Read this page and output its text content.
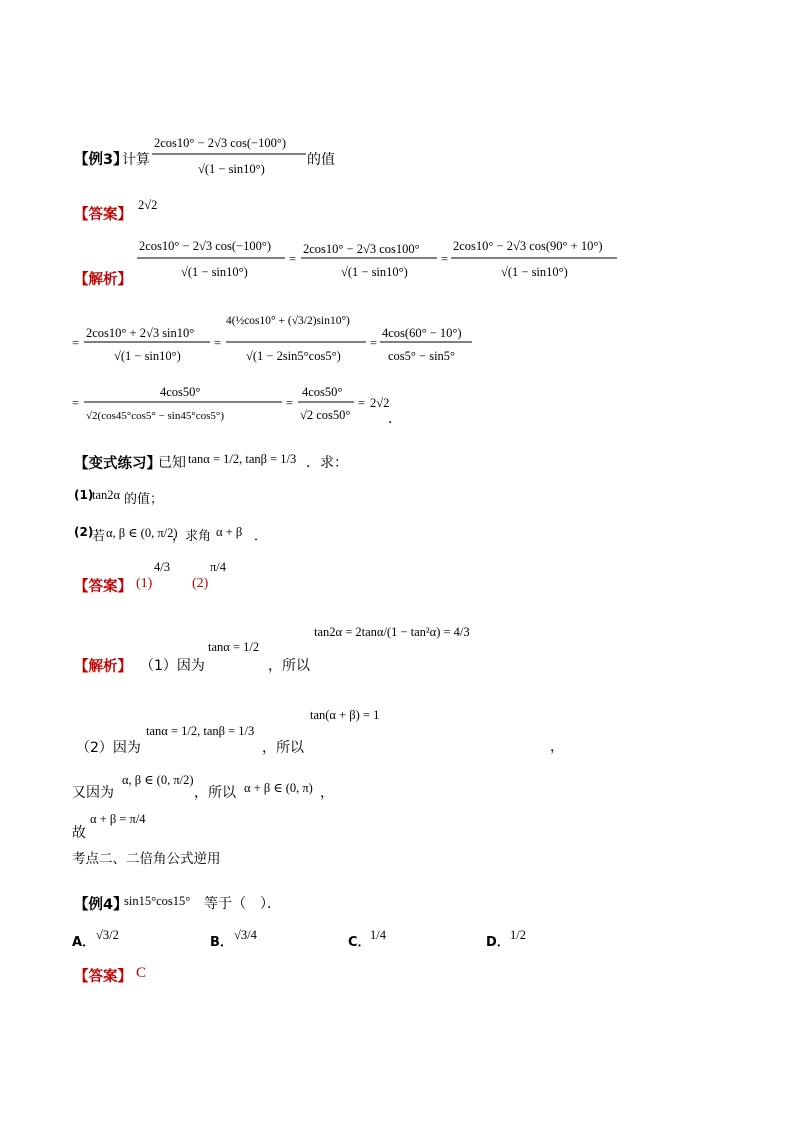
【例3】
计算
2cos10° − 2√3 cos(−100°)
√(1 − sin10°)
的值
【答案】
2√2
【解析】
2cos10° − 2√3 cos(−100°)
√(1 − sin10°)
=
2cos10° − 2√3 cos100°
√(1 − sin10°)
=
2cos10° − 2√3 cos(90° + 10°)
√(1 − sin10°)
=
2cos10° + 2√3 sin10°
√(1 − sin10°)
=
4(½cos10° + (√3/2)sin10°)
√(1 − 2sin5°cos5°)
=
4cos(60° − 10°)
cos5° − sin5°
=
4cos50°
√2(cos45°cos5° − sin45°cos5°)
=
4cos50°
√2 cos50°
= 2√2
．
【变式练习】
已知 tanα = 1/2, tanβ = 1/3 ．求：
(1)
tan2α 的值；
(2)
若 α, β ∈ (0, π/2)
，求角 α + β ．
【答案】 (1)
4/3
(2)
π/4
【解析】 （1）因为
tanα = 1/2
，所以
tan2α = 2tanα/(1 − tan²α) = 4/3
（2）因为
tanα = 1/2, tanβ = 1/3
，所以
tan(α + β) = 1
，
又因为
α, β ∈ (0, π/2)
，所以 α + β ∈ (0, π) ，
故
α + β = π/4
考点二、二倍角公式逆用
【例4】
sin15°cos15° 等于（　）．
A． √3/2	B． √3/4	C． 1/4	D． 1/2
【答案】 C
